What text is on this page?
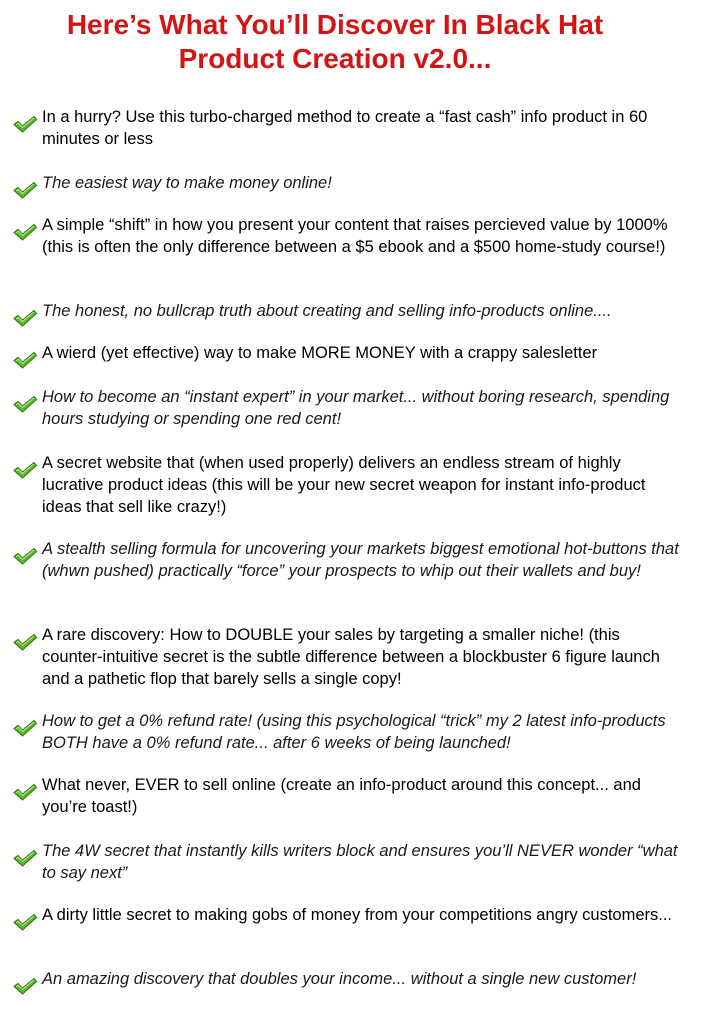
Here’s What You’ll Discover In Black Hat
Product Creation v2.0...
In a hurry? Use this turbo-charged method to create a “fast cash” info product in 60 minutes or less
The easiest way to make money online!
A simple “shift” in how you present your content that raises percieved value by 1000% (this is often the only difference between a $5 ebook and a $500 home-study course!)
The honest, no bullcrap truth about creating and selling info-products online....
A wierd (yet effective) way to make MORE MONEY with a crappy salesletter
How to become an “instant expert” in your market... without boring research, spending hours studying or spending one red cent!
A secret website that (when used properly) delivers an endless stream of highly lucrative product ideas (this will be your new secret weapon for instant info-product ideas that sell like crazy!)
A stealth selling formula for uncovering your markets biggest emotional hot-buttons that (whwn pushed) practically “force” your prospects to whip out their wallets and buy!
A rare discovery: How to DOUBLE your sales by targeting a smaller niche! (this counter-intuitive secret is the subtle difference between a blockbuster 6 figure launch and a pathetic flop that barely sells a single copy!
How to get a 0% refund rate! (using this psychological “trick” my 2 latest info-products BOTH have a 0% refund rate... after 6 weeks of being launched!
What never, EVER to sell online (create an info-product around this concept... and you’re toast!)
The 4W secret that instantly kills writers block and ensures you’ll NEVER wonder “what to say next”
A dirty little secret to making gobs of money from your competitions angry customers...
An amazing discovery that doubles your income... without a single new customer!
